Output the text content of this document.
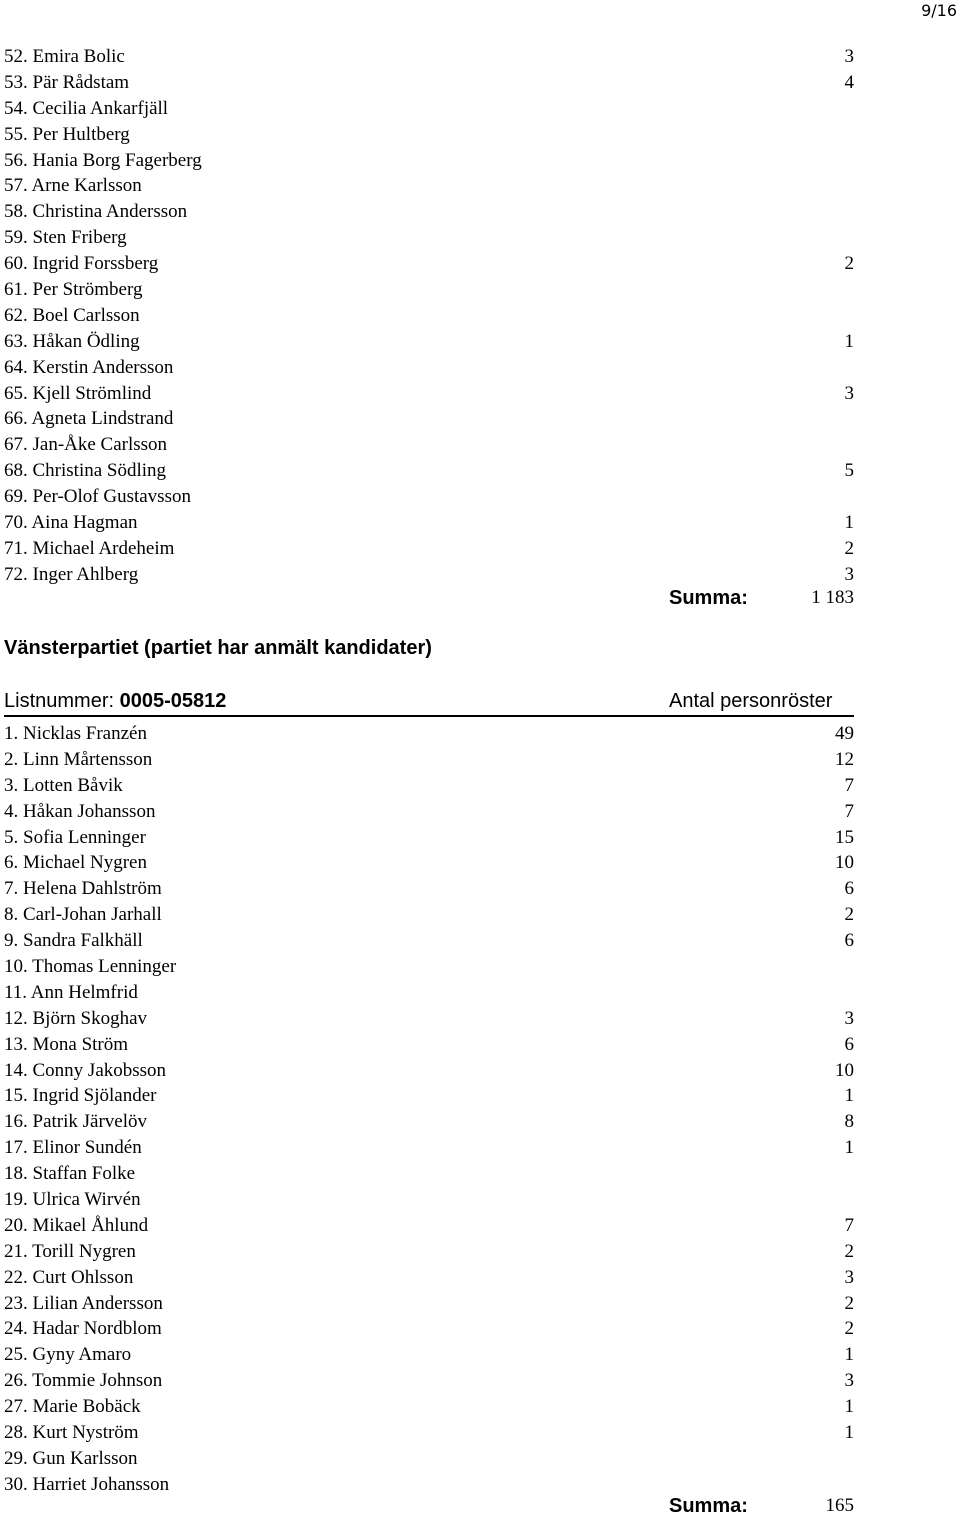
9/16
52. Emira Bolic	3
53. Pär Rådstam	4
54. Cecilia Ankarfjäll
55. Per Hultberg
56. Hania Borg Fagerberg
57. Arne Karlsson
58. Christina Andersson
59. Sten Friberg
60. Ingrid Forssberg	2
61. Per Strömberg
62. Boel Carlsson
63. Håkan Ödling	1
64. Kerstin Andersson
65. Kjell Strömlind	3
66. Agneta Lindstrand
67. Jan-Åke Carlsson
68. Christina Södling	5
69. Per-Olof Gustavsson
70. Aina Hagman	1
71. Michael Ardeheim	2
72. Inger Ahlberg	3
Summa:	1 183
Vänsterpartiet (partiet har anmält kandidater)
Listnummer: 0005-05812	Antal personröster
1. Nicklas Franzén	49
2. Linn Mårtensson	12
3. Lotten Båvik	7
4. Håkan Johansson	7
5. Sofia Lenninger	15
6. Michael Nygren	10
7. Helena Dahlström	6
8. Carl-Johan Jarhall	2
9. Sandra Falkhäll	6
10. Thomas Lenninger
11. Ann Helmfrid
12. Björn Skoghav	3
13. Mona Ström	6
14. Conny Jakobsson	10
15. Ingrid Sjölander	1
16. Patrik Järvelöv	8
17. Elinor Sundén	1
18. Staffan Folke
19. Ulrica Wirvén
20. Mikael Åhlund	7
21. Torill Nygren	2
22. Curt Ohlsson	3
23. Lilian Andersson	2
24. Hadar Nordblom	2
25. Gyny Amaro	1
26. Tommie Johnson	3
27. Marie Bobäck	1
28. Kurt Nyström	1
29. Gun Karlsson
30. Harriet Johansson
Summa:	165
